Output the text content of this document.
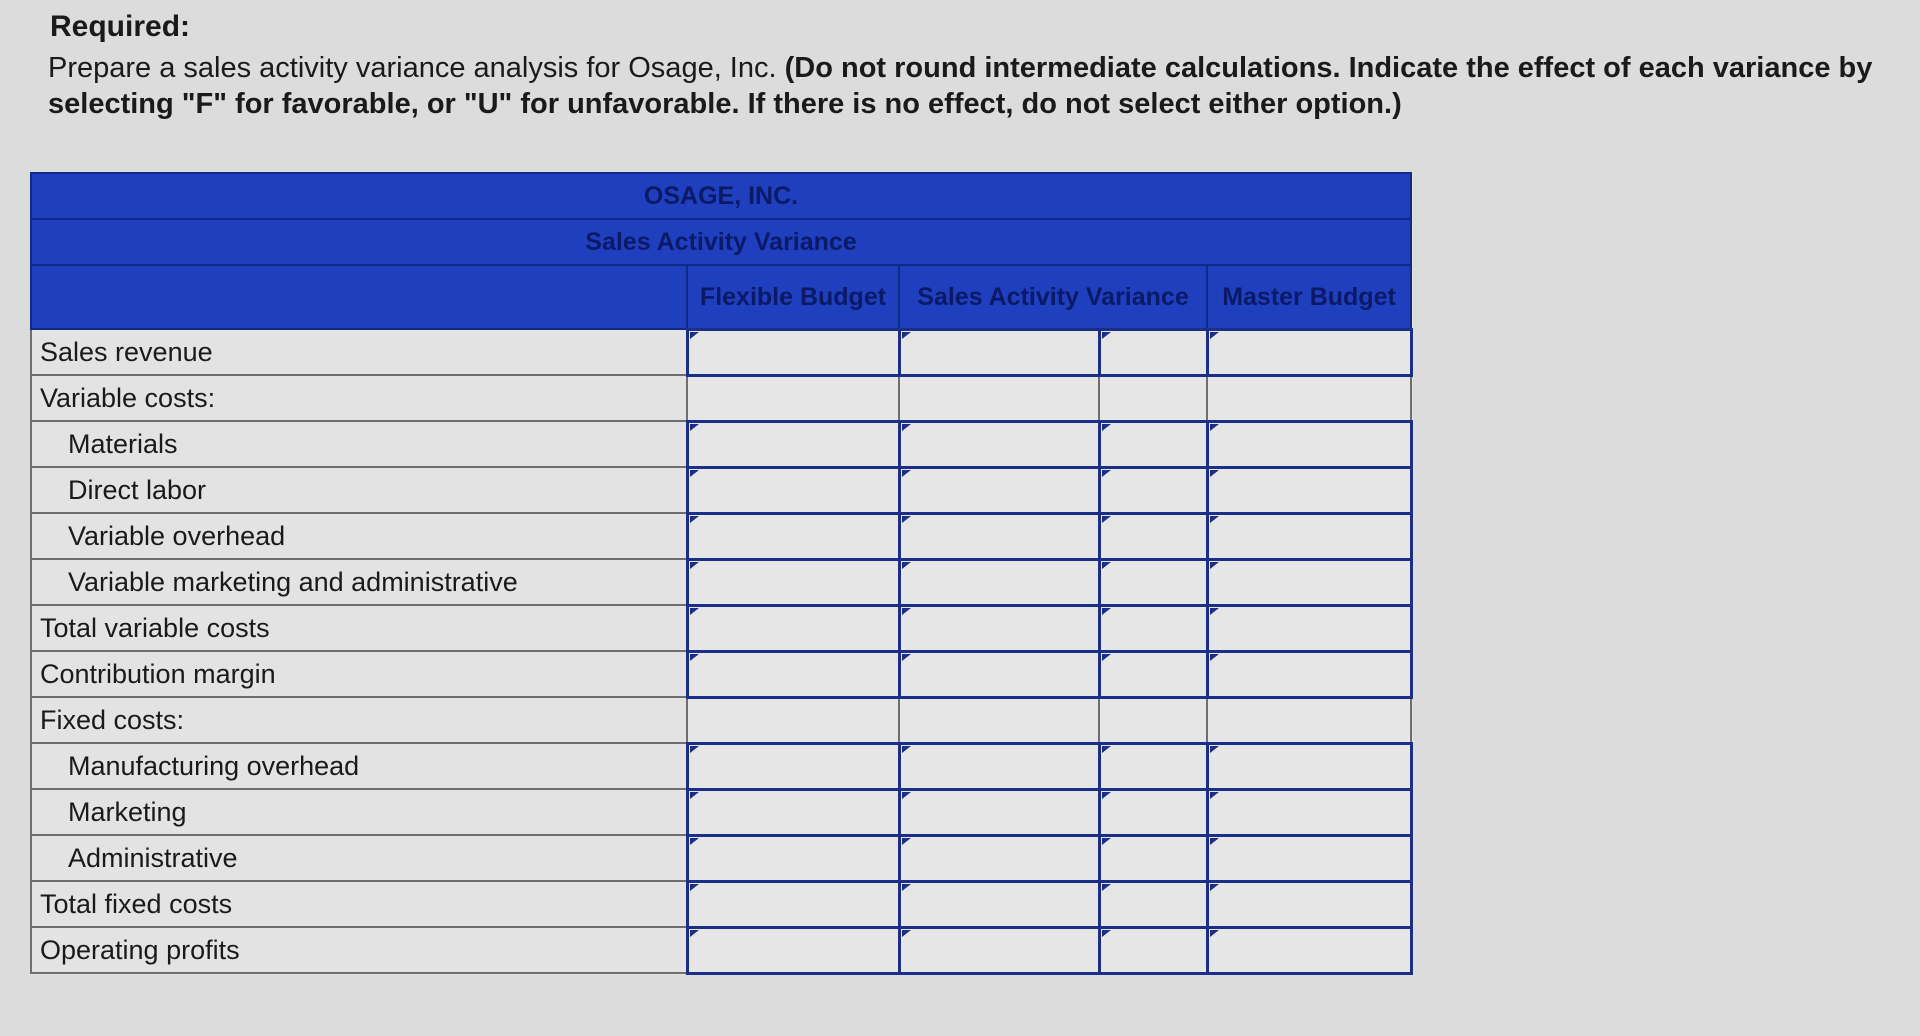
Required:
Prepare a sales activity variance analysis for Osage, Inc. (Do not round intermediate calculations. Indicate the effect of each variance by selecting "F" for favorable, or "U" for unfavorable. If there is no effect, do not select either option.)
OSAGE, INC.				
Sales Activity Variance				
	Flexible Budget	Sales Activity Variance		Master Budget
Sales revenue	

Variable costs:				
Materials	

Direct labor	

Variable overhead	

Variable marketing and administrative	

Total variable costs	

Contribution margin	

Fixed costs:				
Manufacturing overhead	

Marketing	

Administrative	

Total fixed costs	

Operating profits	
